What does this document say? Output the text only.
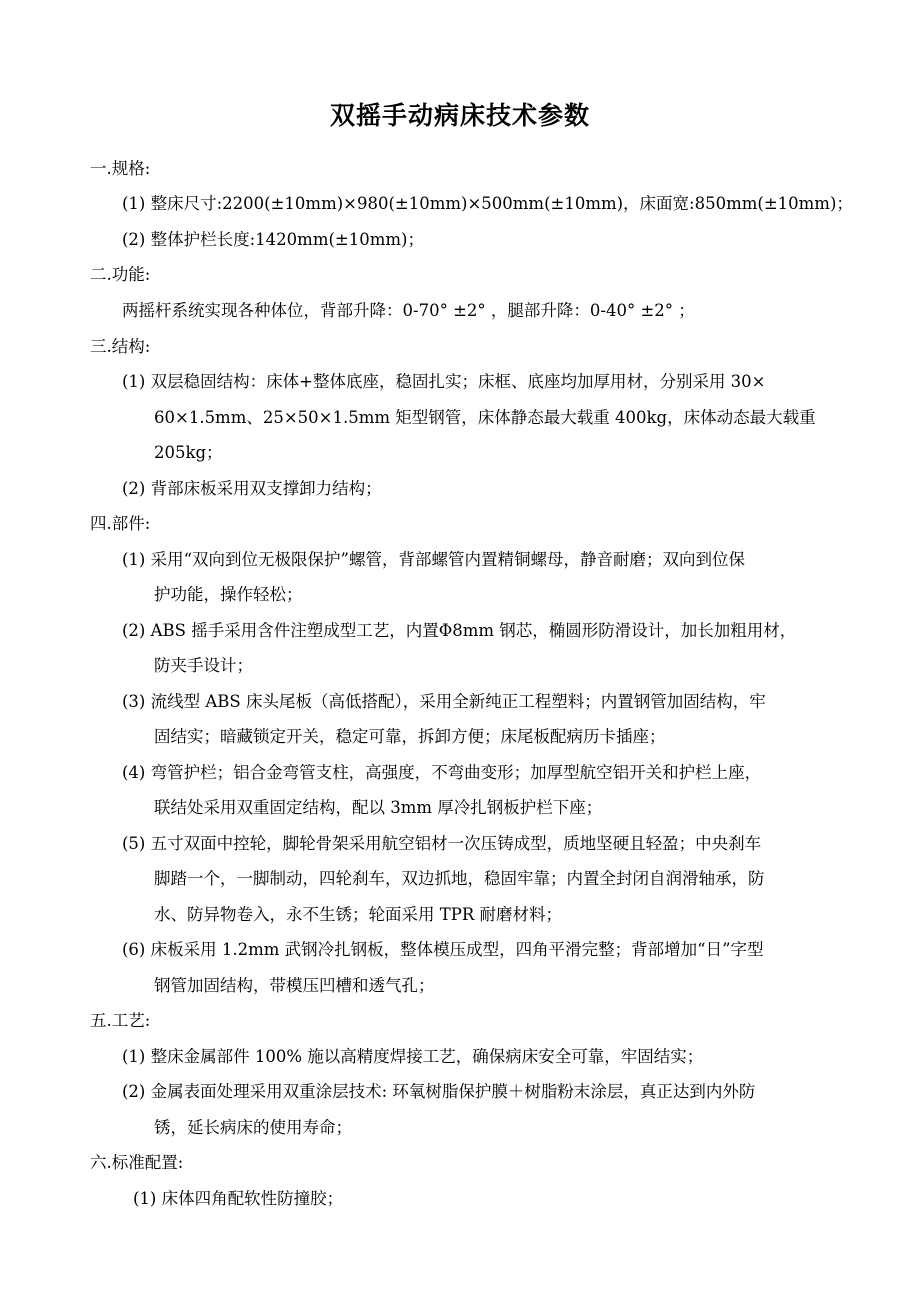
双摇手动病床技术参数
一.规格:
(1) 整床尺寸:2200(±10mm)×980(±10mm)×500mm(±10mm)，床面宽:850mm(±10mm)；
(2) 整体护栏长度:1420mm(±10mm)；
二.功能:
两摇杆系统实现各种体位，背部升降：0-70° ±2° ，腿部升降：0-40° ±2° ；
三.结构:
(1) 双层稳固结构：床体+整体底座，稳固扎实；床框、底座均加厚用材，分别采用 30×
60×1.5mm、25×50×1.5mm 矩型钢管，床体静态最大载重 400kg，床体动态最大载重
205kg；
(2) 背部床板采用双支撑卸力结构；
四.部件:
(1) 采用“双向到位无极限保护”螺管，背部螺管内置精铜螺母，静音耐磨；双向到位保
护功能，操作轻松；
(2) ABS 摇手采用含件注塑成型工艺，内置Φ8mm 钢芯，椭圆形防滑设计，加长加粗用材，
防夹手设计；
(3) 流线型 ABS 床头尾板（高低搭配），采用全新纯正工程塑料；内置钢管加固结构，牢
固结实；暗藏锁定开关，稳定可靠，拆卸方便；床尾板配病历卡插座；
(4) 弯管护栏；铝合金弯管支柱，高强度，不弯曲变形；加厚型航空铝开关和护栏上座，
联结处采用双重固定结构，配以 3mm 厚冷扎钢板护栏下座；
(5) 五寸双面中控轮，脚轮骨架采用航空铝材一次压铸成型，质地坚硬且轻盈；中央刹车
脚踏一个，一脚制动，四轮刹车，双边抓地，稳固牢靠；内置全封闭自润滑轴承，防
水、防异物卷入，永不生锈；轮面采用 TPR 耐磨材料；
(6) 床板采用 1.2mm 武钢冷扎钢板，整体模压成型，四角平滑完整；背部增加“日”字型
钢管加固结构，带模压凹槽和透气孔；
五.工艺:
(1) 整床金属部件 100% 施以高精度焊接工艺，确保病床安全可靠，牢固结实；
(2) 金属表面处理采用双重涂层技术: 环氧树脂保护膜＋树脂粉末涂层，真正达到内外防
锈，延长病床的使用寿命；
六.标准配置:
(1) 床体四角配软性防撞胶；
